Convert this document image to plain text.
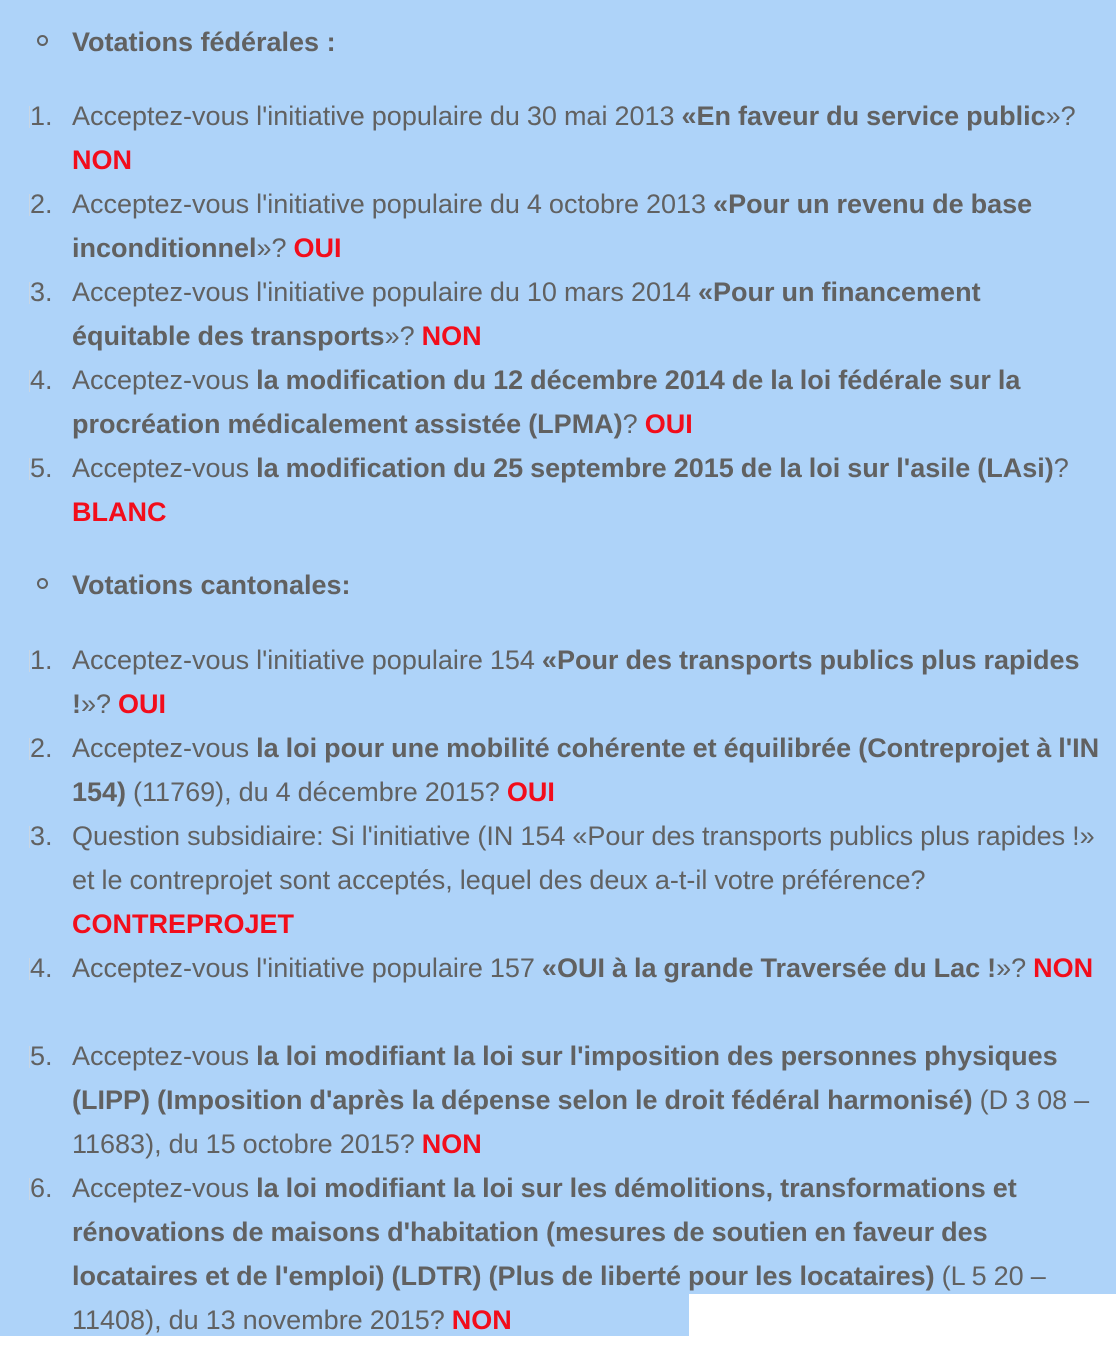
Votations fédérales :
1. Acceptez-vous l'initiative populaire du 30 mai 2013 «En faveur du service public»? NON
2. Acceptez-vous l'initiative populaire du 4 octobre 2013 «Pour un revenu de base inconditionnel»? OUI
3. Acceptez-vous l'initiative populaire du 10 mars 2014 «Pour un financement équitable des transports»? NON
4. Acceptez-vous la modification du 12 décembre 2014 de la loi fédérale sur la procréation médicalement assistée (LPMA)? OUI
5. Acceptez-vous la modification du 25 septembre 2015 de la loi sur l'asile (LAsi)? BLANC
Votations cantonales:
1. Acceptez-vous l'initiative populaire 154 «Pour des transports publics plus rapides !»? OUI
2. Acceptez-vous la loi pour une mobilité cohérente et équilibrée (Contreprojet à l'IN 154) (11769), du 4 décembre 2015? OUI
3. Question subsidiaire: Si l'initiative (IN 154 «Pour des transports publics plus rapides !» et le contreprojet sont acceptés, lequel des deux a-t-il votre préférence? CONTREPROJET
4. Acceptez-vous l'initiative populaire 157 «OUI à la grande Traversée du Lac !»? NON
5. Acceptez-vous la loi modifiant la loi sur l'imposition des personnes physiques (LIPP) (Imposition d'après la dépense selon le droit fédéral harmonisé) (D 3 08 – 11683), du 15 octobre 2015? NON
6. Acceptez-vous la loi modifiant la loi sur les démolitions, transformations et rénovations de maisons d'habitation (mesures de soutien en faveur des locataires et de l'emploi) (LDTR) (Plus de liberté pour les locataires) (L 5 20 – 11408), du 13 novembre 2015? NON
